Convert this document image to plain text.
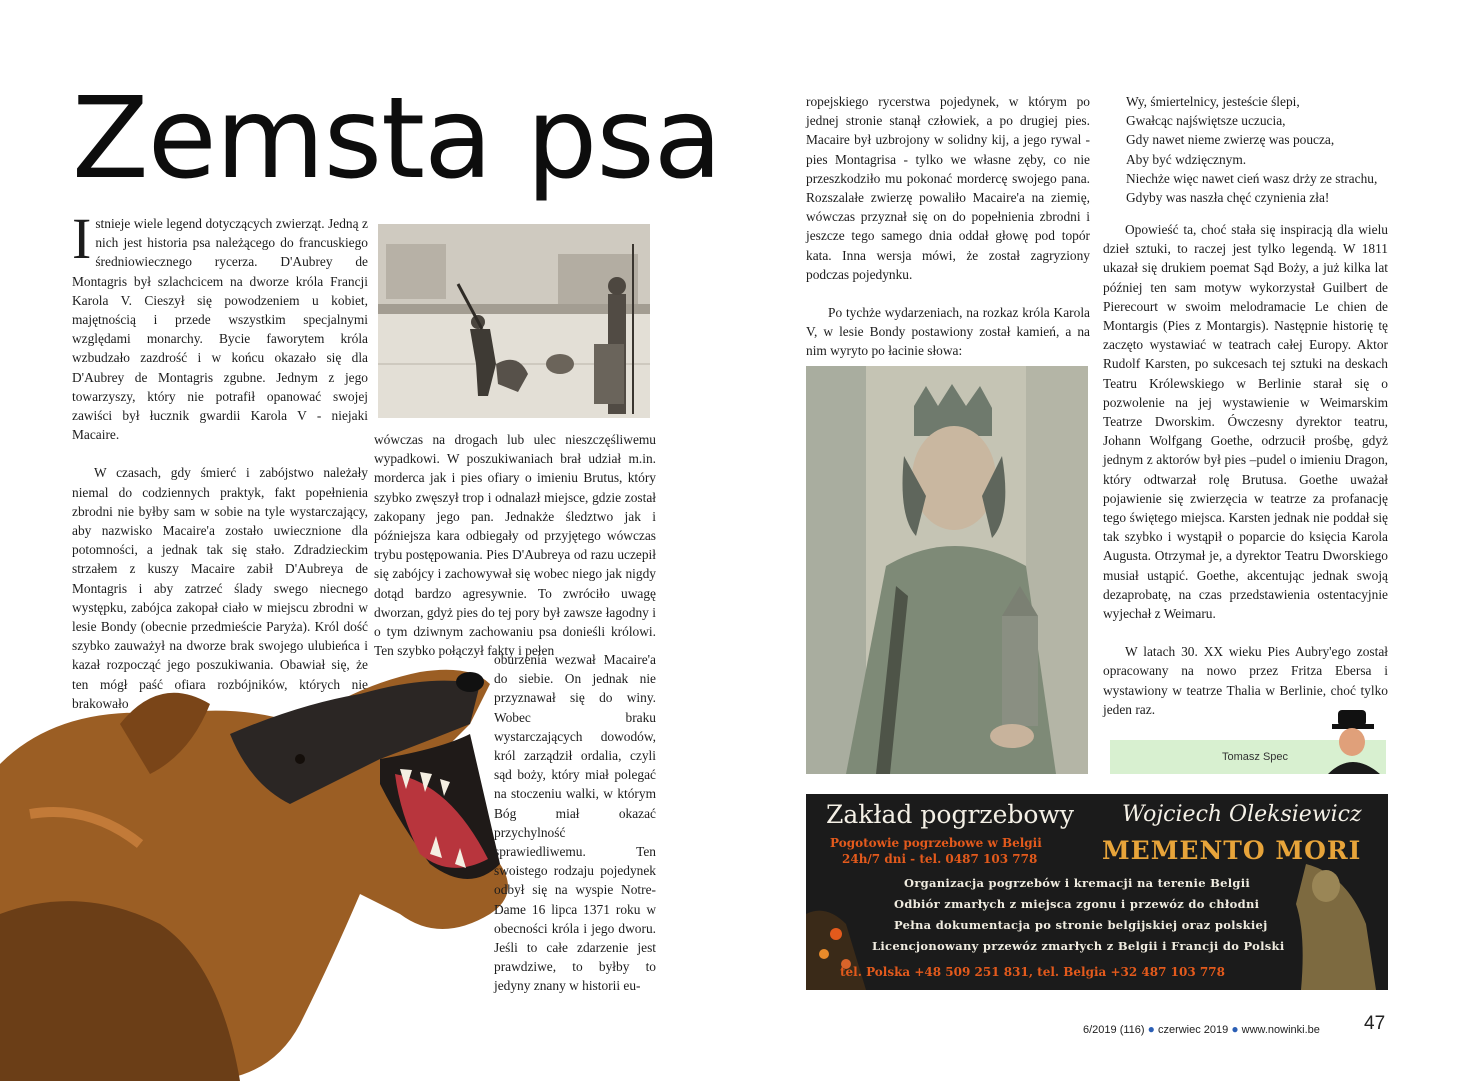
Zemsta psa

Istnieje wiele legend dotyczących zwierząt. Jedną z nich jest historia psa należącego do francuskiego średniowiecznego rycerza. D'Aubrey de Montagris był szlachcicem na dworze króla Francji Karola V. Cieszył się powodzeniem u kobiet, majętnością i przede wszystkim specjalnymi względami monarchy. Bycie faworytem króla wzbudzało zazdrość i w końcu okazało się dla D'Aubrey de Montagris zgubne. Jednym z jego towarzyszy, który nie potrafił opanować swojej zawiści był łucznik gwardii Karola V - niejaki Macaire.

W czasach, gdy śmierć i zabójstwo należały niemal do codziennych praktyk, fakt popełnienia zbrodni nie byłby sam w sobie na tyle wystarczający, aby nazwisko Macaire'a zostało uwiecznione dla potomności, a jednak tak się stało. Zdradzieckim strzałem z kuszy Macaire zabił D'Aubreya de Montagris i aby zatrzeć ślady swego niecnego występku, zabójca zakopał ciało w miejscu zbrodni w lesie Bondy (obecnie przedmieście Paryża). Król dość szybko zauważył na dworze brak swojego ulubieńca i kazał rozpocząć jego poszukiwania. Obawiał się, że ten mógł paść ofiara rozbójników, których nie brakowało

wówczas na drogach lub ulec nieszczęśliwemu wypadkowi. W poszukiwaniach brał udział m.in. morderca jak i pies ofiary o imieniu Brutus, który szybko zwęszył trop i odnalazł miejsce, gdzie został zakopany jego pan. Jednakże śledztwo jak i późniejsza kara odbiegały od przyjętego wówczas trybu postępowania. Pies D'Aubreya od razu uczepił się zabójcy i zachowywał się wobec niego jak nigdy dotąd bardzo agresywnie. To zwróciło uwagę dworzan, gdyż pies do tej pory był zawsze łagodny i o tym dziwnym zachowaniu psa donieśli królowi. Ten szybko połączył fakty i pełen

oburzenia wezwał Macaire'a do siebie. On jednak nie przyznawał się do winy. Wobec braku wystarczających dowodów, król zarządził ordalia, czyli sąd boży, który miał polegać na stoczeniu walki, w którym Bóg miał okazać przychylność sprawiedliwemu. Ten swoistego rodzaju pojedynek odbył się na wyspie Notre-Dame 16 lipca 1371 roku w obecności króla i jego dworu. Jeśli to całe zdarzenie jest prawdziwe, to byłby to jedyny znany w historii eu-

ropejskiego rycerstwa pojedynek, w którym po jednej stronie stanął człowiek, a po drugiej pies. Macaire był uzbrojony w solidny kij, a jego rywal - pies Montagrisa - tylko we własne zęby, co nie przeszkodziło mu pokonać mordercę swojego pana. Rozszalałe zwierzę powaliło Macaire'a na ziemię, wówczas przyznał się on do popełnienia zbrodni i jeszcze tego samego dnia oddał głowę pod topór kata. Inna wersja mówi, że został zagryziony podczas pojedynku.

Po tychże wydarzeniach, na rozkaz króla Karola V, w lesie Bondy postawiony został kamień, a na nim wyryto po łacinie słowa:

Wy, śmiertelnicy, jesteście ślepi,
Gwałcąc najświętsze uczucia,
Gdy nawet nieme zwierzę was poucza,
Aby być wdzięcznym.
Niechże więc nawet cień wasz drży ze strachu,
Gdyby was naszła chęć czynienia zła!

Opowieść ta, choć stała się inspiracją dla wielu dzieł sztuki, to raczej jest tylko legendą. W 1811 ukazał się drukiem poemat Sąd Boży, a już kilka lat później ten sam motyw wykorzystał Guilbert de Pierecourt w swoim melodramacie Le chien de Montargis (Pies z Montargis). Następnie historię tę zaczęto wystawiać w teatrach całej Europy. Aktor Rudolf Karsten, po sukcesach tej sztuki na deskach Teatru Królewskiego w Berlinie starał się o pozwolenie na jej wystawienie w Weimarskim Teatrze Dworskim. Ówczesny dyrektor teatru, Johann Wolfgang Goethe, odrzucił prośbę, gdyż jednym z aktorów był pies –pudel o imieniu Dragon, który odtwarzał rolę Brutusa. Goethe uważał pojawienie się zwierzęcia w teatrze za profanację tego świętego miejsca. Karsten jednak nie poddał się tak szybko i wystąpił o poparcie do księcia Karola Augusta. Otrzymał je, a dyrektor Teatru Dworskiego musiał ustąpić. Goethe, akcentując jednak swoją dezaprobatę, na czas przedstawienia ostentacyjnie wyjechał z Weimaru.

W latach 30. XX wieku Pies Aubry'ego został opracowany na nowo przez Fritza Ebersa i wystawiony w teatrze Thalia w Berlinie, choć tylko jeden raz.

Tomasz Spec
Zakład pogrzebowy Wojciech Oleksiewicz
Pogotowie pogrzebowe w Belgii
24h/7 dni - tel. 0487 103 778	MEMENTO MORI
Organizacja pogrzebów i kremacji na terenie Belgii
Odbiór zmarłych z miejsca zgonu i przewóz do chłodni
Pełna dokumentacja po stronie belgijskiej oraz polskiej
Licencjonowany przewóz zmarłych z Belgii i Francji do Polski
tel. Polska +48 509 251 831, tel. Belgia +32 487 103 778
6/2019 (116) ● czerwiec 2019 ● www.nowinki.be 47
